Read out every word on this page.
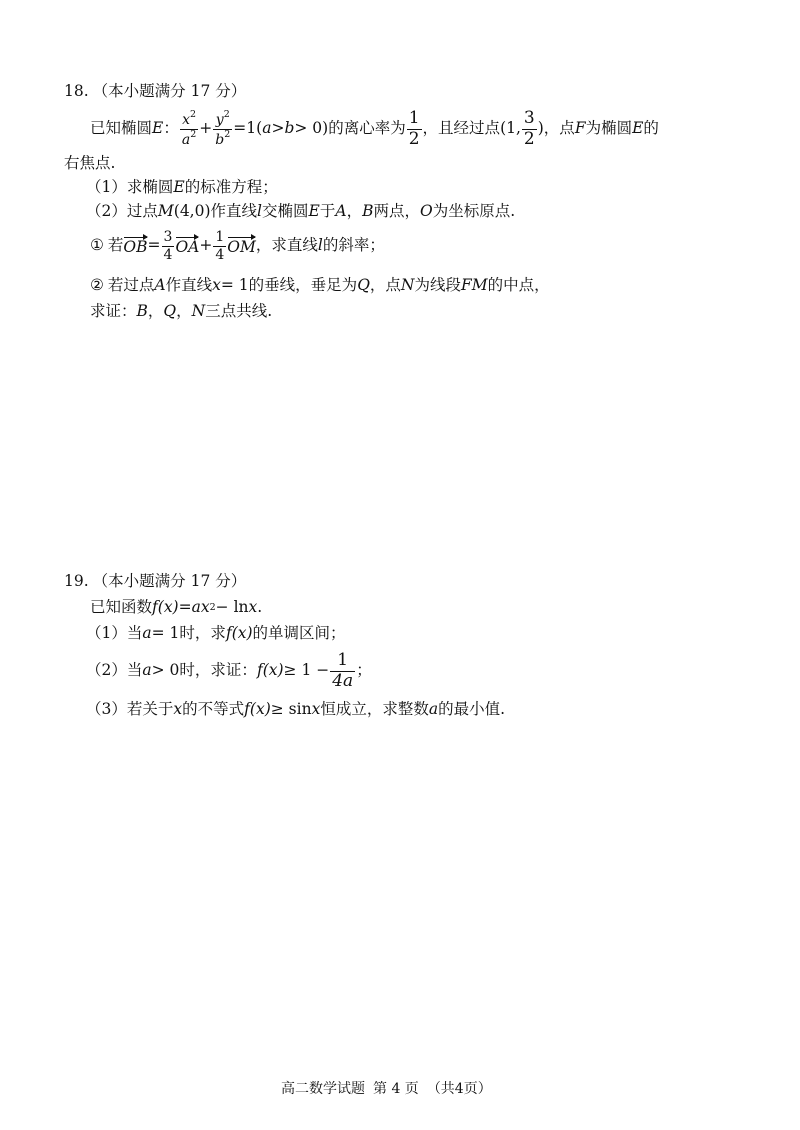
18. （本小题满分 17 分）
已知椭圆 E ： $\frac{x^2}{a^2} + \frac{y^2}{b^2} =1$( a > b > 0) 的离心率为 $\frac{1}{2}$ ，且经过点 (1, $\frac{3}{2}$ ) ，点 F 为椭圆 E 的
右焦点.
（1） 求椭圆 E 的标准方程；
（2） 过点 M (4,0) 作直线 l 交椭圆 E 于 A ， B 两点， O 为坐标原点.
① 若 OB = $\frac{3}{4}$ OA + $\frac{1}{4}$ OM ，求直线 l 的斜率；
② 若过点 A 作直线 x = 1 的垂线，垂足为 Q ，点 N 为线段 FM 的中点，
求证： B ， Q ， N 三点共线.
19. （本小题满分 17 分）
已知函数 f (x) = a x 2 − ln x .
（1） 当 a = 1 时，求 f (x) 的单调区间；
（2） 当 a > 0 时，求证： f $(x) \ge 1 - \frac{1}{4a}$ ；
（3） 若关于 x 的不等式 f (x) ≥ sin x 恒成立，求整数 a 的最小值.
高二数学试题 第 4 页 （共4页）
